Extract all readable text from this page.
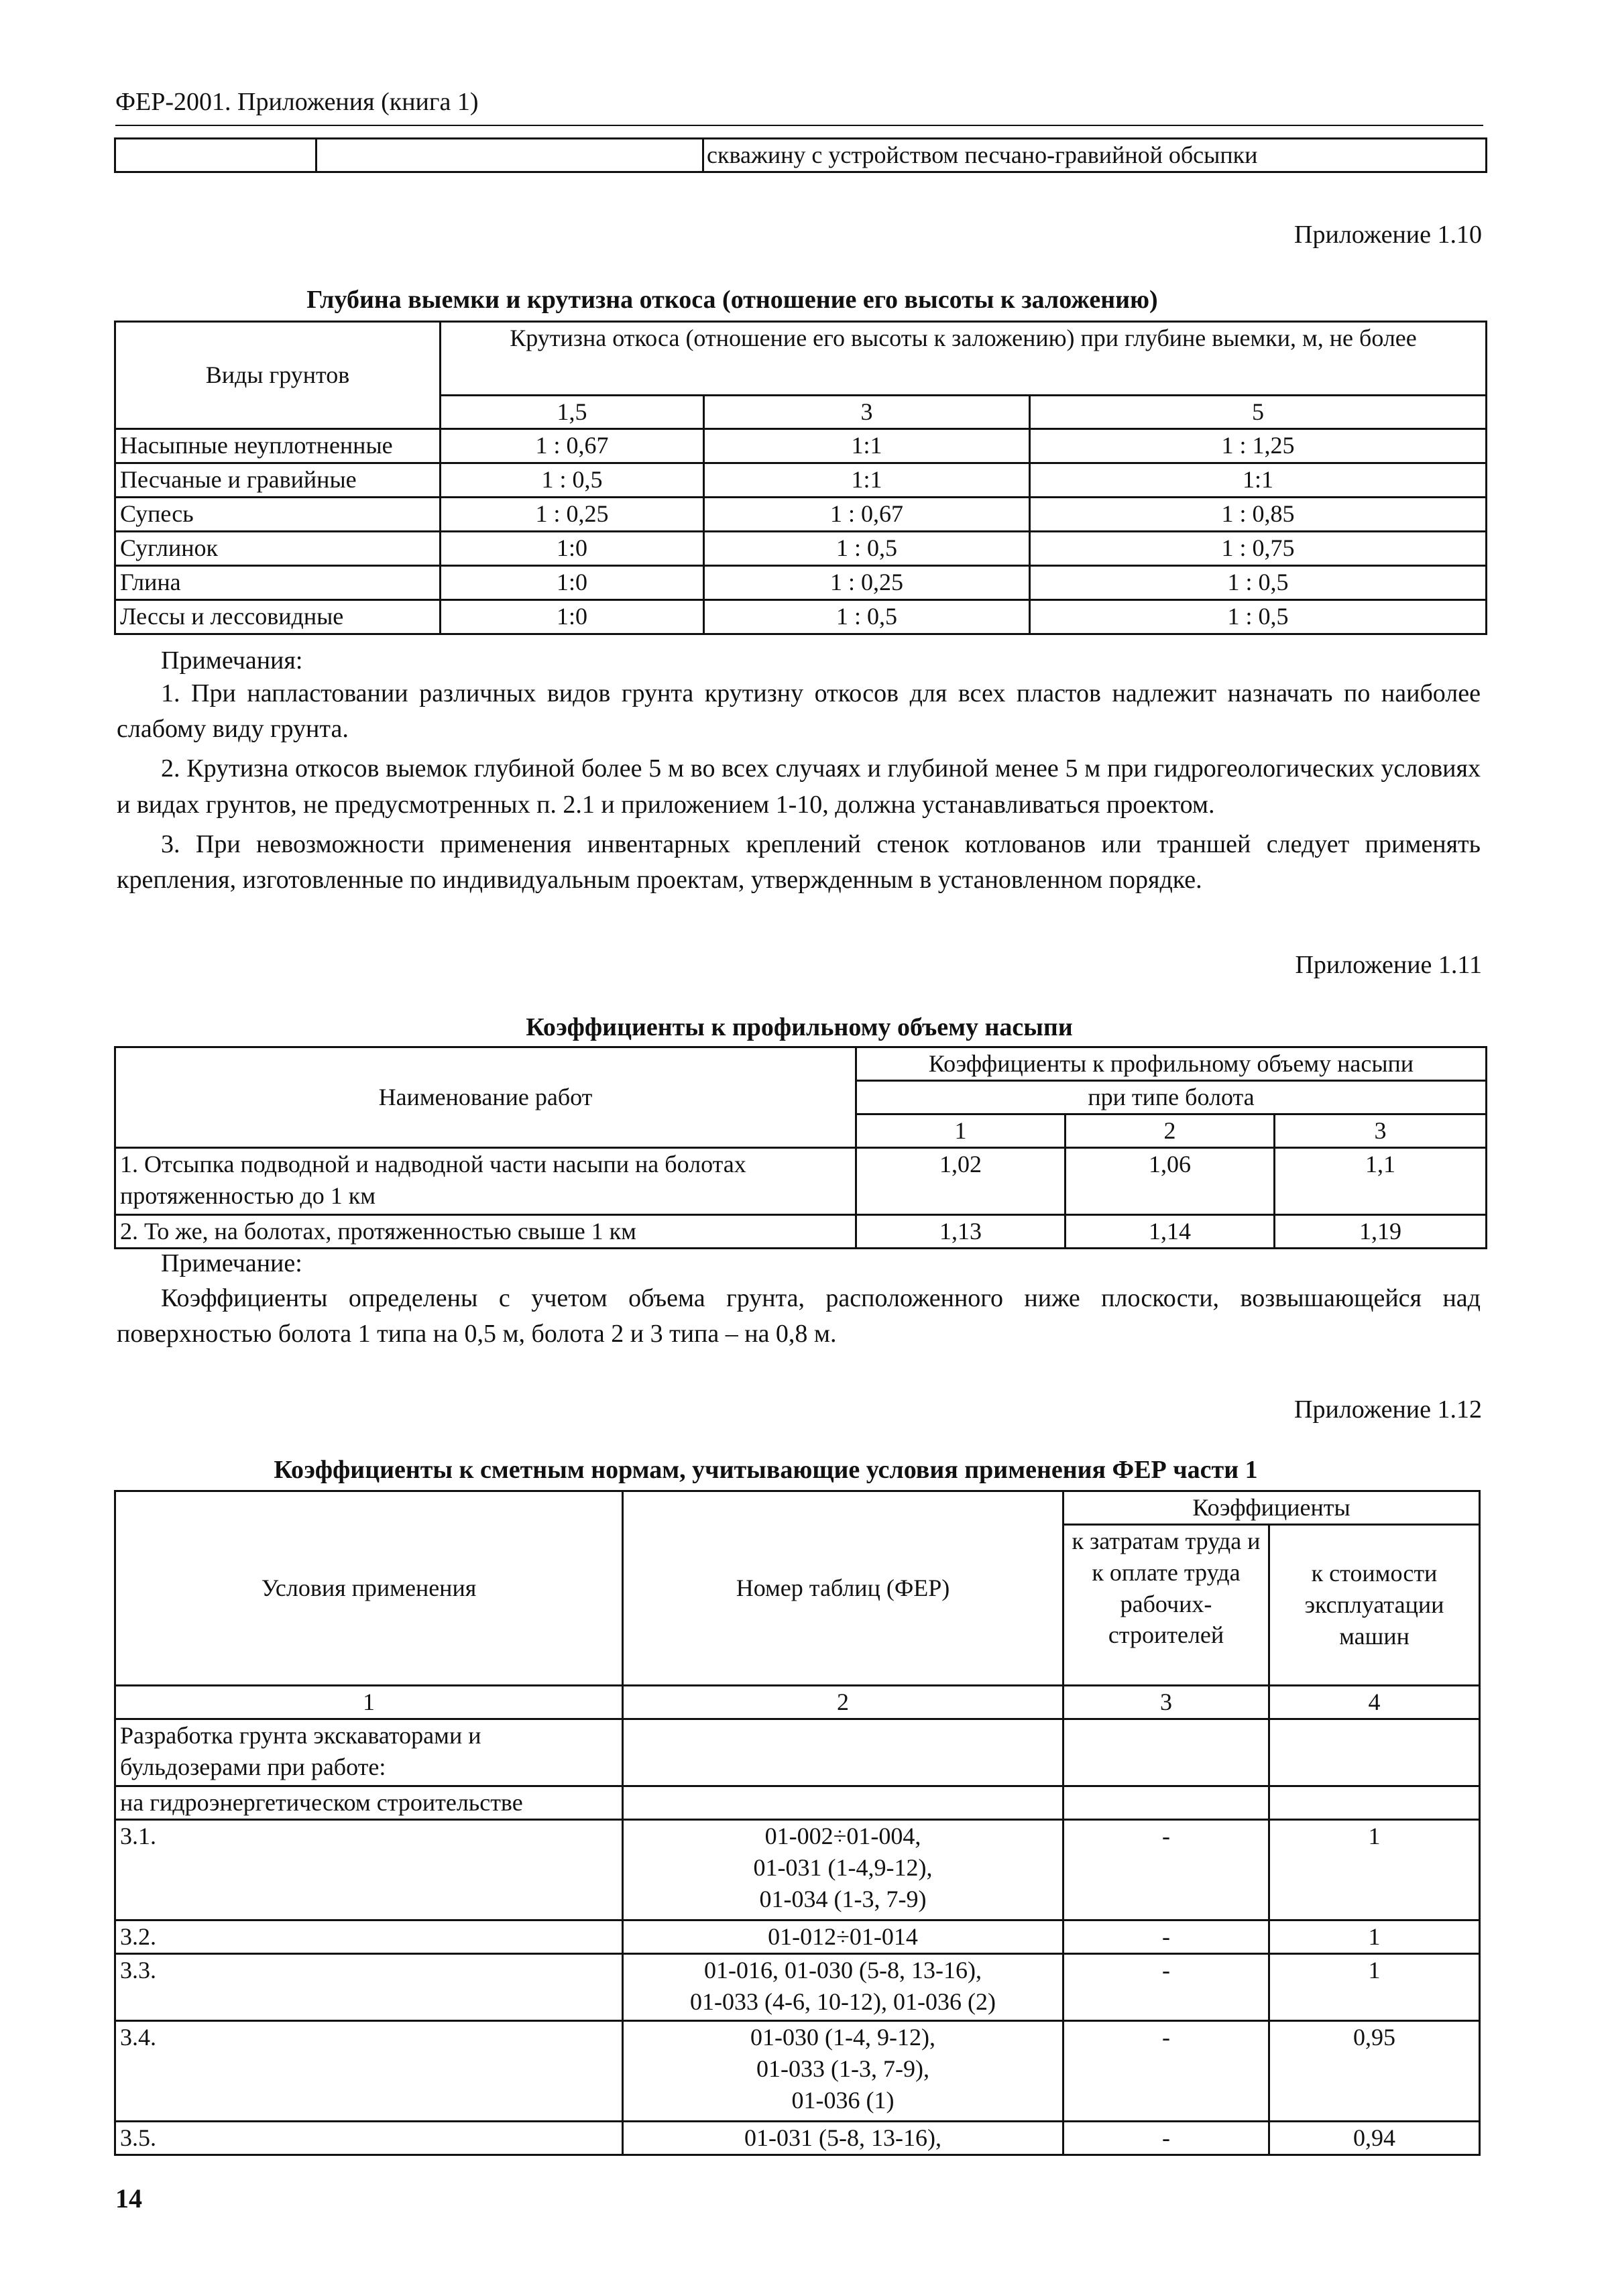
ФЕР-2001. Приложения (книга 1)
		скважину с устройством песчано-гравийной обсыпки
Приложение 1.10
Глубина выемки и крутизна откоса (отношение его высоты к заложению)
Виды грунтов	Крутизна откоса (отношение его высоты к заложению) при глубине выемки, м, не более		
	1,5	3	5
Насыпные неуплотненные	1 : 0,67	1:1	1 : 1,25
Песчаные и гравийные	1 : 0,5	1:1	1:1
Супесь	1 : 0,25	1 : 0,67	1 : 0,85
Суглинок	1:0	1 : 0,5	1 : 0,75
Глина	1:0	1 : 0,25	1 : 0,5
Лессы и лессовидные	1:0	1 : 0,5	1 : 0,5
Примечания:
1. При напластовании различных видов грунта крутизну откосов для всех пластов надлежит назначать по наиболее слабому виду грунта.
2. Крутизна откосов выемок глубиной более 5 м во всех случаях и глубиной менее 5 м при гидрогеологических условиях и видах грунтов, не предусмотренных п. 2.1 и приложением 1-10, должна устанавливаться проектом.
3. При невозможности применения инвентарных креплений стенок котлованов или траншей следует применять крепления, изготовленные по индивидуальным проектам, утвержденным в установленном порядке.
Приложение 1.11
Коэффициенты к профильному объему насыпи
Наименование работ	Коэффициенты к профильному объему насыпи		
	при типе болота		
	1	2	3
1. Отсыпка подводной и надводной части насыпи на болотах протяженностью до 1 км	1,02	1,06	1,1
2. То же, на болотах, протяженностью свыше 1 км	1,13	1,14	1,19
Примечание:
Коэффициенты определены с учетом объема грунта, расположенного ниже плоскости, возвышающейся над поверхностью болота 1 типа на 0,5 м, болота 2 и 3 типа – на 0,8 м.
Приложение 1.12
Коэффициенты к сметным нормам, учитывающие условия применения ФЕР части 1
Условия применения	Номер таблиц (ФЕР)	Коэффициенты	
		к затратам труда и к оплате труда рабочих-строителей	к стоимости эксплуатации машин
1	2	3	4
Разработка грунта экскаваторами и бульдозерами при работе:			
на гидроэнергетическом строительстве			
3.1.	01-002÷01-004,
01-031 (1-4,9-12),
01-034 (1-3, 7-9)	-	1
3.2.	01-012÷01-014	-	1
3.3.	01-016, 01-030 (5-8, 13-16),
01-033 (4-6, 10-12), 01-036 (2)	-	1
3.4.	01-030 (1-4, 9-12),
01-033 (1-3, 7-9),
01-036 (1)	-	0,95
3.5.	01-031 (5-8, 13-16),	-	0,94
14
